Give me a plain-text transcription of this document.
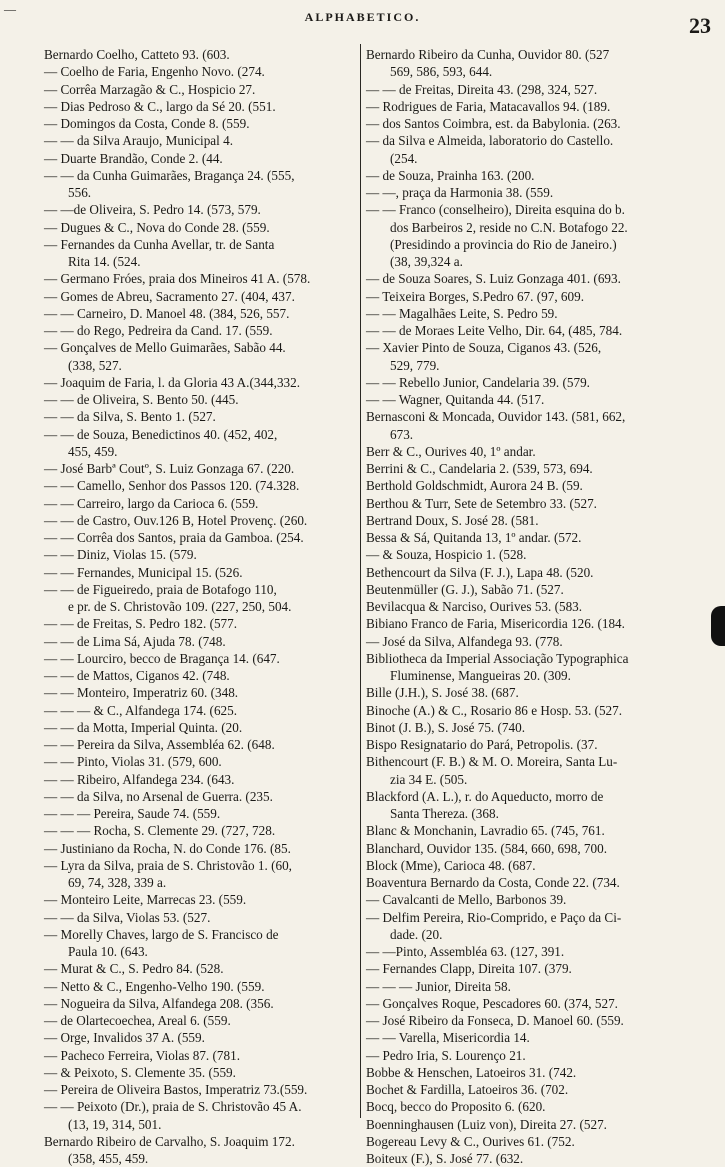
—
ALPHABETICO.	23
Bernardo Coelho, Catteto 93. (603.
— Coelho de Faria, Engenho Novo. (274.
— Corrêa Marzagão & C., Hospicio 27.
— Dias Pedroso & C., largo da Sé 20. (551.
— Domingos da Costa, Conde 8. (559.
— — da Silva Araujo, Municipal 4.
— Duarte Brandão, Conde 2. (44.
— — da Cunha Guimarães, Bragança 24. (555,
556.
— —de Oliveira, S. Pedro 14. (573, 579.
— Dugues & C., Nova do Conde 28. (559.
— Fernandes da Cunha Avellar, tr. de Santa
Rita 14. (524.
— Germano Fróes, praia dos Mineiros 41 A. (578.
— Gomes de Abreu, Sacramento 27. (404, 437.
— — Carneiro, D. Manoel 48. (384, 526, 557.
— — do Rego, Pedreira da Cand. 17. (559.
— Gonçalves de Mello Guimarães, Sabão 44.
(338, 527.
— Joaquim de Faria, l. da Gloria 43 A.(344,332.
— — de Oliveira, S. Bento 50. (445.
— — da Silva, S. Bento 1. (527.
— — de Souza, Benedictinos 40. (452, 402,
455, 459.
— José Barbª Coutº, S. Luiz Gonzaga 67. (220.
— — Camello, Senhor dos Passos 120. (74.328.
— — Carreiro, largo da Carioca 6. (559.
— — de Castro, Ouv.126 B, Hotel Provenç. (260.
— — Corrêa dos Santos, praia da Gamboa. (254.
— — Diniz, Violas 15. (579.
— — Fernandes, Municipal 15. (526.
— — de Figueiredo, praia de Botafogo 110,
e pr. de S. Christovão 109. (227, 250, 504.
— — de Freitas, S. Pedro 182. (577.
— — de Lima Sá, Ajuda 78. (748.
— — Lourciro, becco de Bragança 14. (647.
— — de Mattos, Ciganos 42. (748.
— — Monteiro, Imperatriz 60. (348.
— — — & C., Alfandega 174. (625.
— — da Motta, Imperial Quinta. (20.
— — Pereira da Silva, Assembléa 62. (648.
— — Pinto, Violas 31. (579, 600.
— — Ribeiro, Alfandega 234. (643.
— — da Silva, no Arsenal de Guerra. (235.
— — — Pereira, Saude 74. (559.
— — — Rocha, S. Clemente 29. (727, 728.
— Justiniano da Rocha, N. do Conde 176. (85.
— Lyra da Silva, praia de S. Christovão 1. (60,
69, 74, 328, 339 a.
— Monteiro Leite, Marrecas 23. (559.
— — da Silva, Violas 53. (527.
— Morelly Chaves, largo de S. Francisco de
Paula 10. (643.
— Murat & C., S. Pedro 84. (528.
— Netto & C., Engenho-Velho 190. (559.
— Nogueira da Silva, Alfandega 208. (356.
— de Olartecoechea, Areal 6. (559.
— Orge, Invalidos 37 A. (559.
— Pacheco Ferreira, Violas 87. (781.
— & Peixoto, S. Clemente 35. (559.
— Pereira de Oliveira Bastos, Imperatriz 73.(559.
— — Peixoto (Dr.), praia de S. Christovão 45 A.
(13, 19, 314, 501.
Bernardo Ribeiro de Carvalho, S. Joaquim 172.
(358, 455, 459.
Bernardo Ribeiro da Cunha, Ouvidor 80. (527
569, 586, 593, 644.
— — de Freitas, Direita 43. (298, 324, 527.
— Rodrigues de Faria, Matacavallos 94. (189.
— dos Santos Coimbra, est. da Babylonia. (263.
— da Silva e Almeida, laboratorio do Castello.
(254.
— de Souza, Prainha 163. (200.
— —, praça da Harmonia 38. (559.
— — Franco (conselheiro), Direita esquina do b.
dos Barbeiros 2, reside no C.N. Botafogo 22.
(Presidindo a provincia do Rio de Janeiro.)
(38, 39,324 a.
— de Souza Soares, S. Luiz Gonzaga 401. (693.
— Teixeira Borges, S.Pedro 67. (97, 609.
— — Magalhães Leite, S. Pedro 59.
— — de Moraes Leite Velho, Dir. 64, (485, 784.
— Xavier Pinto de Souza, Ciganos 43. (526,
529, 779.
— — Rebello Junior, Candelaria 39. (579.
— — Wagner, Quitanda 44. (517.
Bernasconi & Moncada, Ouvidor 143. (581, 662,
673.
Berr & C., Ourives 40, 1º andar.
Berrini & C., Candelaria 2. (539, 573, 694.
Berthold Goldschmidt, Aurora 24 B. (59.
Berthou & Turr, Sete de Setembro 33. (527.
Bertrand Doux, S. José 28. (581.
Bessa & Sá, Quitanda 13, 1º andar. (572.
— & Souza, Hospicio 1. (528.
Bethencourt da Silva (F. J.), Lapa 48. (520.
Beutenmüller (G. J.), Sabão 71. (527.
Bevilacqua & Narciso, Ourives 53. (583.
Bibiano Franco de Faria, Misericordia 126. (184.
— José da Silva, Alfandega 93. (778.
Bibliotheca da Imperial Associação Typographica
Fluminense, Mangueiras 20. (309.
Bille (J.H.), S. José 38. (687.
Binoche (A.) & C., Rosario 86 e Hosp. 53. (527.
Binot (J. B.), S. José 75. (740.
Bispo Resignatario do Pará, Petropolis. (37.
Bithencourt (F. B.) & M. O. Moreira, Santa Lu-
zia 34 E. (505.
Blackford (A. L.), r. do Aqueducto, morro de
Santa Thereza. (368.
Blanc & Monchanin, Lavradio 65. (745, 761.
Blanchard, Ouvidor 135. (584, 660, 698, 700.
Block (Mme), Carioca 48. (687.
Boaventura Bernardo da Costa, Conde 22. (734.
— Cavalcanti de Mello, Barbonos 39.
— Delfim Pereira, Rio-Comprido, e Paço da Ci-
dade. (20.
— —Pinto, Assembléa 63. (127, 391.
— Fernandes Clapp, Direita 107. (379.
— — — Junior, Direita 58.
— Gonçalves Roque, Pescadores 60. (374, 527.
— José Ribeiro da Fonseca, D. Manoel 60. (559.
— — Varella, Misericordia 14.
— Pedro Iria, S. Lourenço 21.
Bobbe & Henschen, Latoeiros 31. (742.
Bochet & Fardilla, Latoeiros 36. (702.
Bocq, becco do Proposito 6. (620.
Boenninghausen (Luiz von), Direita 27. (527.
Bogereau Levy & C., Ourives 61. (752.
Boiteux (F.), S. José 77. (632.
